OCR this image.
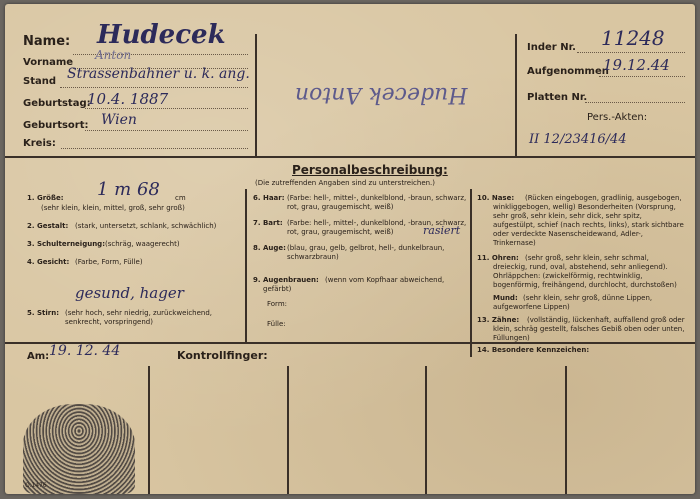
Name: Hudecek
Vorname
Anton
Stand Strassenbahner u. k. ang.
Geburtstag:
10.4. 1887
Geburtsort: Wien
Kreis:
Hudecek Anton
Inder Nr. 11248
Aufgenommen
19.12.44
Platten Nr.
Pers.-Akten:
II 12/23416/44
Personalbeschreibung:
(Die zutreffenden Angaben sind zu unterstreichen.)
1. Größe: 1 m 68 cm
(sehr klein, klein, mittel, groß, sehr groß)
2. Gestalt: (stark, untersetzt, schlank, schwächlich)
3. Schulterneigung: (schräg, waagerecht)
4. Gesicht: (Farbe, Form, Fülle)
gesund, hager
5. Stirn: (sehr hoch, sehr niedrig, zurückweichend, senkrecht, vorspringend)
6. Haar: (Farbe: hell-, mittel-, dunkelblond, -braun, schwarz, rot, grau, graugemischt, weiß)
7. Bart: (Farbe: hell-, mittel-, dunkelblond, -braun, schwarz, rot, grau, graugemischt, weiß)	rasiert
8. Auge: (blau, grau, gelb, gelbrot, hell-, dunkelbraun, schwarzbraun)
9. Augenbrauen: (wenn vom Kopfhaar abweichend, gefärbt)
Form:
Fülle:
10. Nase:	(Rücken eingebogen, gradlinig, ausgebogen, winkliggebogen, wellig) Besonderheiten (Vorsprung, sehr groß, sehr klein, sehr dick, sehr spitz, aufgestülpt, schief (nach rechts, links), stark sichtbare oder verdeckte Nasenscheidewand, Adler-, Trinkernase)
11. Ohren: (sehr groß, sehr klein, sehr schmal, dreieckig, rund, oval, abstehend, sehr anliegend). Ohrläppchen: (zwickelförmig, rechtwinklig, bogenförmig, freihängend, durchlocht, durchstoßen)
Mund: (sehr klein, sehr groß, dünne Lippen, aufgeworfene Lippen)
13. Zähne:	(vollständig, lückenhaft, auffallend groß oder klein, schräg gestellt, falsches Gebiß oben oder unten, Füllungen)
14. Besondere Kennzeichen:
Am: 19. 12. 44	Kontrollfinger:
O.1476
